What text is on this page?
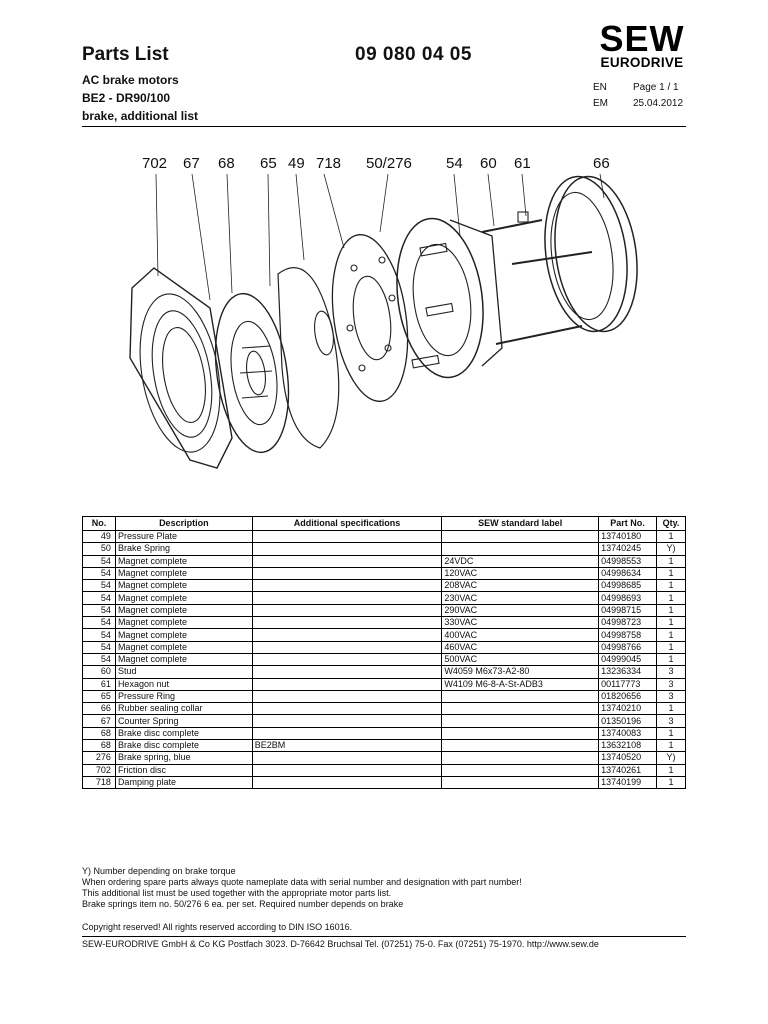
Parts List	09 080 04 05
AC brake motors
BE2 - DR90/100
brake, additional list
SEW
EURODRIVE
EN	Page 1 / 1
EM	25.04.2012
702 67 68 65 49 718 50/276 54 60 61	66
No.	Description	Additional specifications	SEW standard label	Part No.	Qty.
49	Pressure Plate			13740180	1
50	Brake Spring			13740245	Y)
54	Magnet complete		24VDC	04998553	1
54	Magnet complete		120VAC	04998634	1
54	Magnet complete		208VAC	04998685	1
54	Magnet complete		230VAC	04998693	1
54	Magnet complete		290VAC	04998715	1
54	Magnet complete		330VAC	04998723	1
54	Magnet complete		400VAC	04998758	1
54	Magnet complete		460VAC	04998766	1
54	Magnet complete		500VAC	04999045	1
60	Stud		W4059 M6x73-A2-80	13236334	3
61	Hexagon nut		W4109 M6-8-A-St-ADB3	00117773	3
65	Pressure Ring			01820656	3
66	Rubber sealing collar			13740210	1
67	Counter Spring			01350196	3
68	Brake disc complete			13740083	1
68	Brake disc complete	BE2BM		13632108	1
276	Brake spring, blue			13740520	Y)
702	Friction disc			13740261	1
718	Damping plate			13740199	1
Y) Number depending on brake torque
When ordering spare parts always quote nameplate data with serial number and designation with part number!
This additional list must be used together with the appropriate motor parts list.
Brake springs item no. 50/276 6 ea. per set. Required number depends on brake
Copyright reserved! All rights reserved according to DIN ISO 16016.
SEW-EURODRIVE GmbH & Co KG Postfach 3023. D-76642 Bruchsal Tel. (07251) 75-0. Fax (07251) 75-1970. http://www.sew.de
